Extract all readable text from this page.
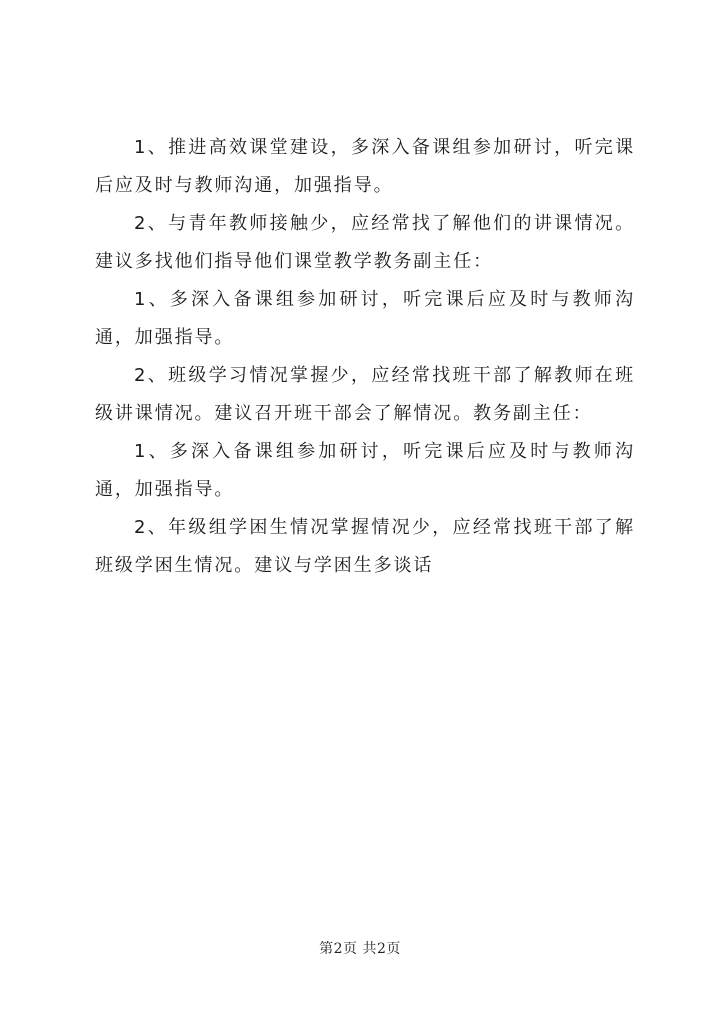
1、推进高效课堂建设，多深入备课组参加研讨，听完课后应及时与教师沟通，加强指导。

2、与青年教师接触少，应经常找了解他们的讲课情况。建议多找他们指导他们课堂教学教务副主任：

1、多深入备课组参加研讨，听完课后应及时与教师沟通，加强指导。

2、班级学习情况掌握少，应经常找班干部了解教师在班级讲课情况。建议召开班干部会了解情况。教务副主任：

1、多深入备课组参加研讨，听完课后应及时与教师沟通，加强指导。

2、年级组学困生情况掌握情况少，应经常找班干部了解班级学困生情况。建议与学困生多谈话

第2页 共2页
